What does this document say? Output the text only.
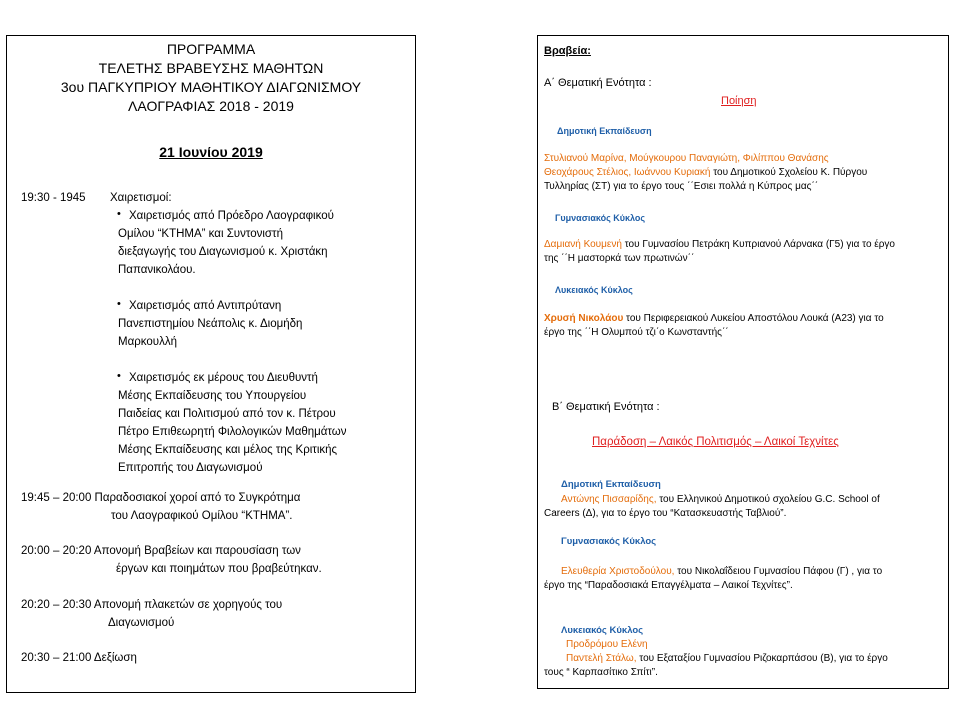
ΠΡΟΓΡΑΜΜΑ
ΤΕΛΕΤΗΣ ΒΡΑΒΕΥΣΗΣ ΜΑΘΗΤΩΝ
3ου ΠΑΓΚΥΠΡΙΟΥ ΜΑΘΗΤΙΚΟΥ ΔΙΑΓΩΝΙΣΜΟΥ
ΛΑΟΓΡΑΦΙΑΣ 2018 - 2019
21 Ιουνίου 2019
19:30 - 1945 Χαιρετισμοί:
• Χαιρετισμός από Πρόεδρο Λαογραφικού
Ομίλου “ΚΤΗΜΑ” και Συντονιστή
διεξαγωγής του Διαγωνισμού κ. Χριστάκη
Παπανικολάου.
• Χαιρετισμός από Αντιπρύτανη
Πανεπιστημίου Νεάπολις κ. Διομήδη
Μαρκουλλή
• Χαιρετισμός εκ μέρους του Διευθυντή
Μέσης Εκπαίδευσης του Υπουργείου
Παιδείας και Πολιτισμού από τον κ. Πέτρου
Πέτρο Επιθεωρητή Φιλολογικών Μαθημάτων
Μέσης Εκπαίδευσης και μέλος της Κριτικής
Επιτροπής του Διαγωνισμού
19:45 – 20:00 Παραδοσιακοί χοροί από το Συγκρότημα
του Λαογραφικού Ομίλου “ΚΤΗΜΑ”.
20:00 – 20:20 Απονομή Βραβείων και παρουσίαση των
έργων και ποιημάτων που βραβεύτηκαν.
20:20 – 20:30 Απονομή πλακετών σε χορηγούς του
Διαγωνισμού
20:30 – 21:00 Δεξίωση
Βραβεία:
Α΄ Θεματική Ενότητα :
Ποίηση
Δημοτική Εκπαίδευση
Στυλιανού Μαρίνα, Μούγκουρου Παναγιώτη, Φιλίππου Θανάσης
Θεοχάρους Στέλιος, Ιωάννου Κυριακή του Δημοτικού Σχολείου Κ. Πύργου
Τυλληρίας (ΣΤ) για το έργο τους ΄΄Εσιει πολλά η Κύπρος μας΄΄
Γυμνασιακός Κύκλος
Δαμιανή Κουμενή του Γυμνασίου Πετράκη Κυπριανού Λάρνακα (Γ5) για το έργο
της ΄΄Η μαστορκά των πρωτινών΄΄
Λυκειακός Κύκλος
Χρυσή Νικολάου του Περιφερειακού Λυκείου Αποστόλου Λουκά (Α23) για το
έργο της ΄΄Η Ολυμπού τζι΄ο Κωνσταντής΄΄
Β΄ Θεματική Ενότητα :
Παράδοση – Λαικός Πολιτισμός – Λαικοί Τεχνίτες
Δημοτική Εκπαίδευση
Αντώνης Πισσαρίδης, του Ελληνικού Δημοτικού σχολείου G.C. School of
Careers (Δ), για το έργο του “Κατασκευαστής Ταβλιού”.
Γυμνασιακός Κύκλος
Ελευθερία Χριστοδούλου, του Νικολαΐδειου Γυμνασίου Πάφου (Γ) , για το
έργο της “Παραδοσιακά Επαγγέλματα – Λαικοί Τεχνίτες”.
Λυκειακός Κύκλος
Προδρόμου Ελένη
Παντελή Στάλω, του Εξαταξίου Γυμνασίου Ριζοκαρπάσου (Β), για το έργο
τους “ Καρπασίτικο Σπίτι”.
